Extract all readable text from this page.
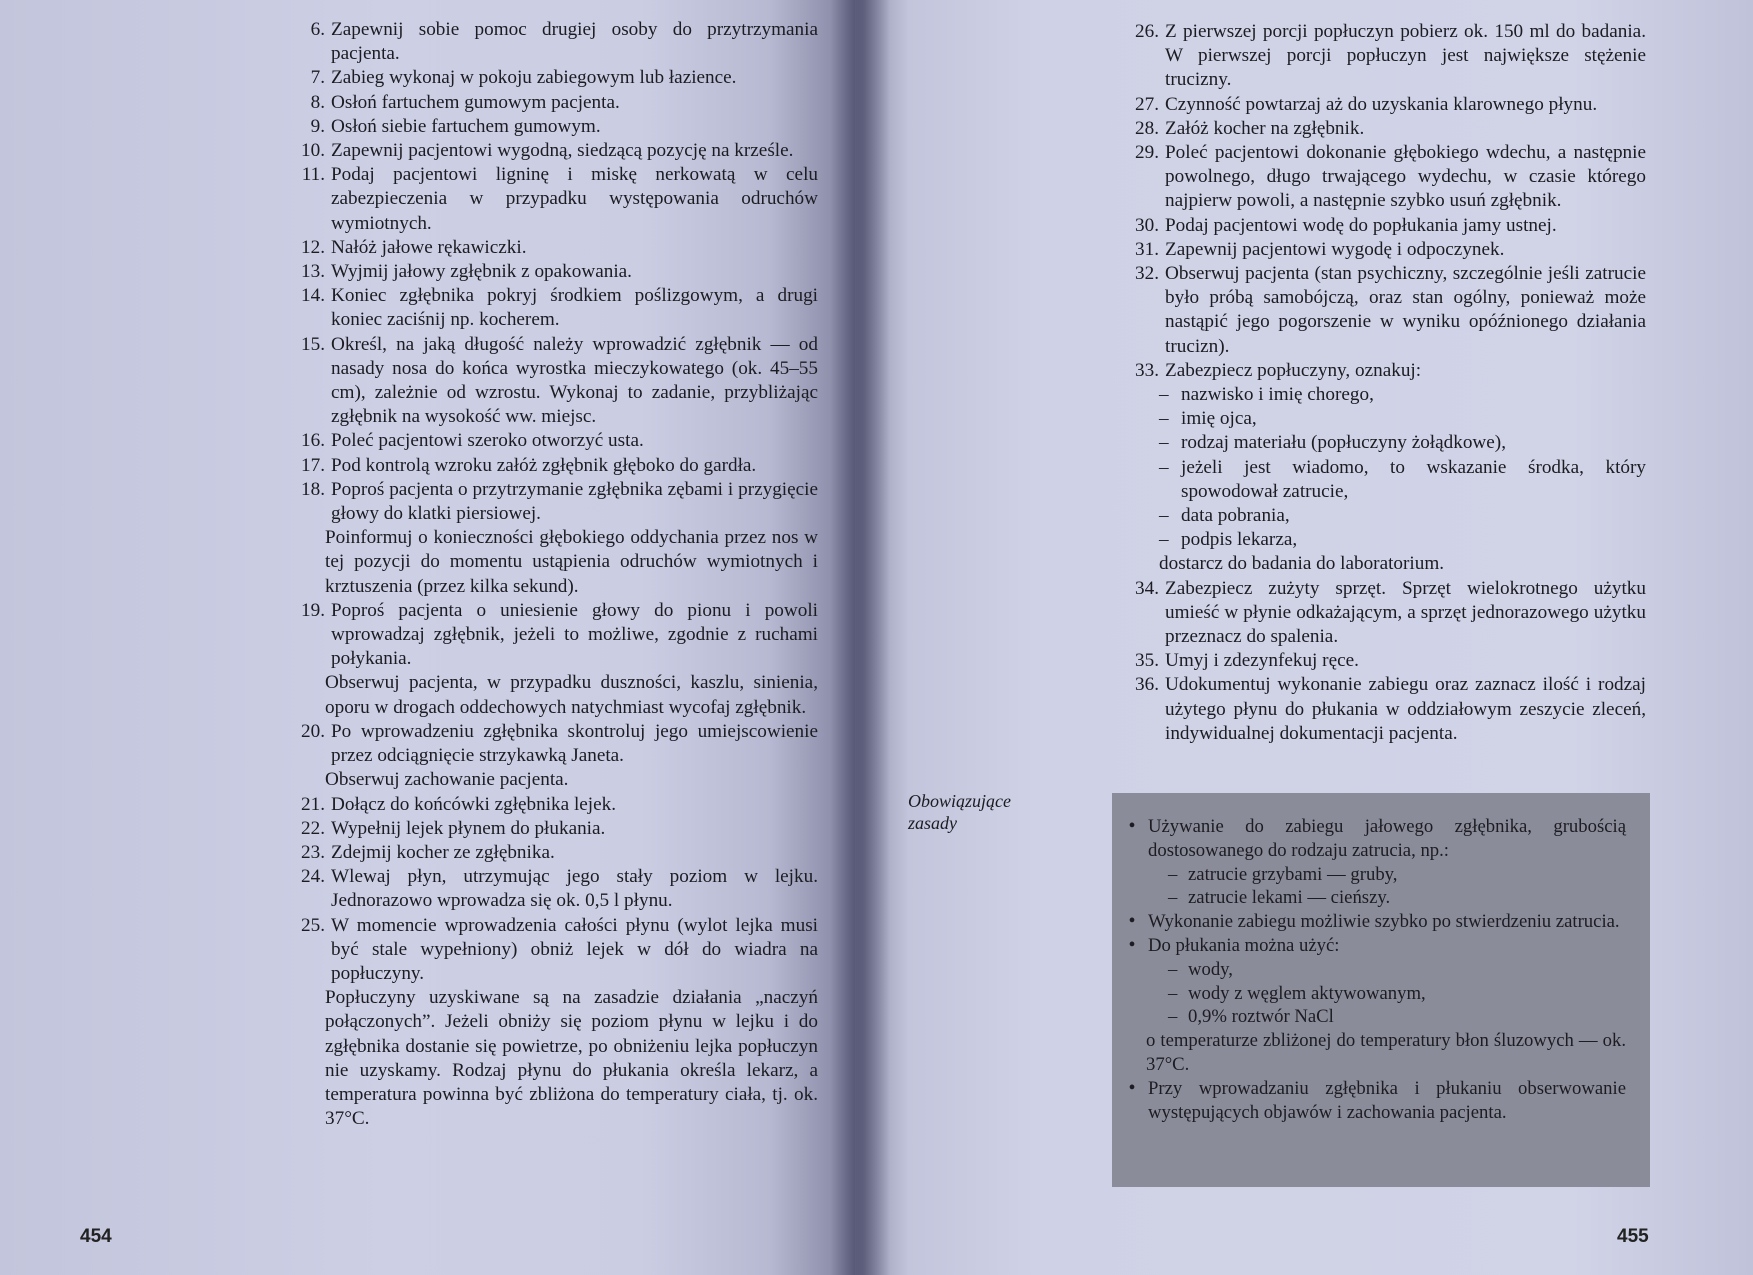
6. Zapewnij sobie pomoc drugiej osoby do przytrzymania pacjenta.
7. Zabieg wykonaj w pokoju zabiegowym lub łazience.
8. Osłoń fartuchem gumowym pacjenta.
9. Osłoń siebie fartuchem gumowym.
10. Zapewnij pacjentowi wygodną, siedzącą pozycję na krześle.
11. Podaj pacjentowi ligninę i miskę nerkowatą w celu zabezpieczenia w przypadku występowania odruchów wymiotnych.
12. Nałóż jałowe rękawiczki.
13. Wyjmij jałowy zgłębnik z opakowania.
14. Koniec zgłębnika pokryj środkiem poślizgowym, a drugi koniec zaciśnij np. kocherem.
15. Określ, na jaką długość należy wprowadzić zgłębnik — od nasady nosa do końca wyrostka mieczykowatego (ok. 45–55 cm), zależnie od wzrostu. Wykonaj to zadanie, przybliżając zgłębnik na wysokość ww. miejsc.
16. Poleć pacjentowi szeroko otworzyć usta.
17. Pod kontrolą wzroku załóż zgłębnik głęboko do gardła.
18. Poproś pacjenta o przytrzymanie zgłębnika zębami i przygięcie głowy do klatki piersiowej.
Poinformuj o konieczności głębokiego oddychania przez nos w tej pozycji do momentu ustąpienia odruchów wymiotnych i krztuszenia (przez kilka sekund).
19. Poproś pacjenta o uniesienie głowy do pionu i powoli wprowadzaj zgłębnik, jeżeli to możliwe, zgodnie z ruchami połykania.
Obserwuj pacjenta, w przypadku duszności, kaszlu, sinienia, oporu w drogach oddechowych natychmiast wycofaj zgłębnik.
20. Po wprowadzeniu zgłębnika skontroluj jego umiejscowienie przez odciągnięcie strzykawką Janeta.
Obserwuj zachowanie pacjenta.
21. Dołącz do końcówki zgłębnika lejek.
22. Wypełnij lejek płynem do płukania.
23. Zdejmij kocher ze zgłębnika.
24. Wlewaj płyn, utrzymując jego stały poziom w lejku. Jednorazowo wprowadza się ok. 0,5 l płynu.
25. W momencie wprowadzenia całości płynu (wylot lejka musi być stale wypełniony) obniż lejek w dół do wiadra na popłuczyny.
Popłuczyny uzyskiwane są na zasadzie działania „naczyń połączonych”. Jeżeli obniży się poziom płynu w lejku i do zgłębnika dostanie się powietrze, po obniżeniu lejka popłuczyn nie uzyskamy. Rodzaj płynu do płukania określa lekarz, a temperatura powinna być zbliżona do temperatury ciała, tj. ok. 37°C.
26. Z pierwszej porcji popłuczyn pobierz ok. 150 ml do badania. W pierwszej porcji popłuczyn jest największe stężenie trucizny.
27. Czynność powtarzaj aż do uzyskania klarownego płynu.
28. Załóż kocher na zgłębnik.
29. Poleć pacjentowi dokonanie głębokiego wdechu, a następnie powolnego, długo trwającego wydechu, w czasie którego najpierw powoli, a następnie szybko usuń zgłębnik.
30. Podaj pacjentowi wodę do popłukania jamy ustnej.
31. Zapewnij pacjentowi wygodę i odpoczynek.
32. Obserwuj pacjenta (stan psychiczny, szczególnie jeśli zatrucie było próbą samobójczą, oraz stan ogólny, ponieważ może nastąpić jego pogorszenie w wyniku opóźnionego działania trucizn).
33. Zabezpiecz popłuczyny, oznakuj:
– nazwisko i imię chorego,
– imię ojca,
– rodzaj materiału (popłuczyny żołądkowe),
– jeżeli jest wiadomo, to wskazanie środka, który spowodował zatrucie,
– data pobrania,
– podpis lekarza,
dostarcz do badania do laboratorium.
34. Zabezpiecz zużyty sprzęt. Sprzęt wielokrotnego użytku umieść w płynie odkażającym, a sprzęt jednorazowego użytku przeznacz do spalenia.
35. Umyj i zdezynfekuj ręce.
36. Udokumentuj wykonanie zabiegu oraz zaznacz ilość i rodzaj użytego płynu do płukania w oddziałowym zeszycie zleceń, indywidualnej dokumentacji pacjenta.
Obowiązujące zasady	• Używanie do zabiegu jałowego zgłębnika, grubością dostosowanego do rodzaju zatrucia, np.:
– zatrucie grzybami — gruby,
– zatrucie lekami — cieńszy.
• Wykonanie zabiegu możliwie szybko po stwierdzeniu zatrucia.
• Do płukania można użyć:
– wody,
– wody z węglem aktywowanym,
– 0,9% roztwór NaCl
o temperaturze zbliżonej do temperatury błon śluzowych — ok. 37°C.
• Przy wprowadzaniu zgłębnika i płukaniu obserwowanie występujących objawów i zachowania pacjenta.
454	455
